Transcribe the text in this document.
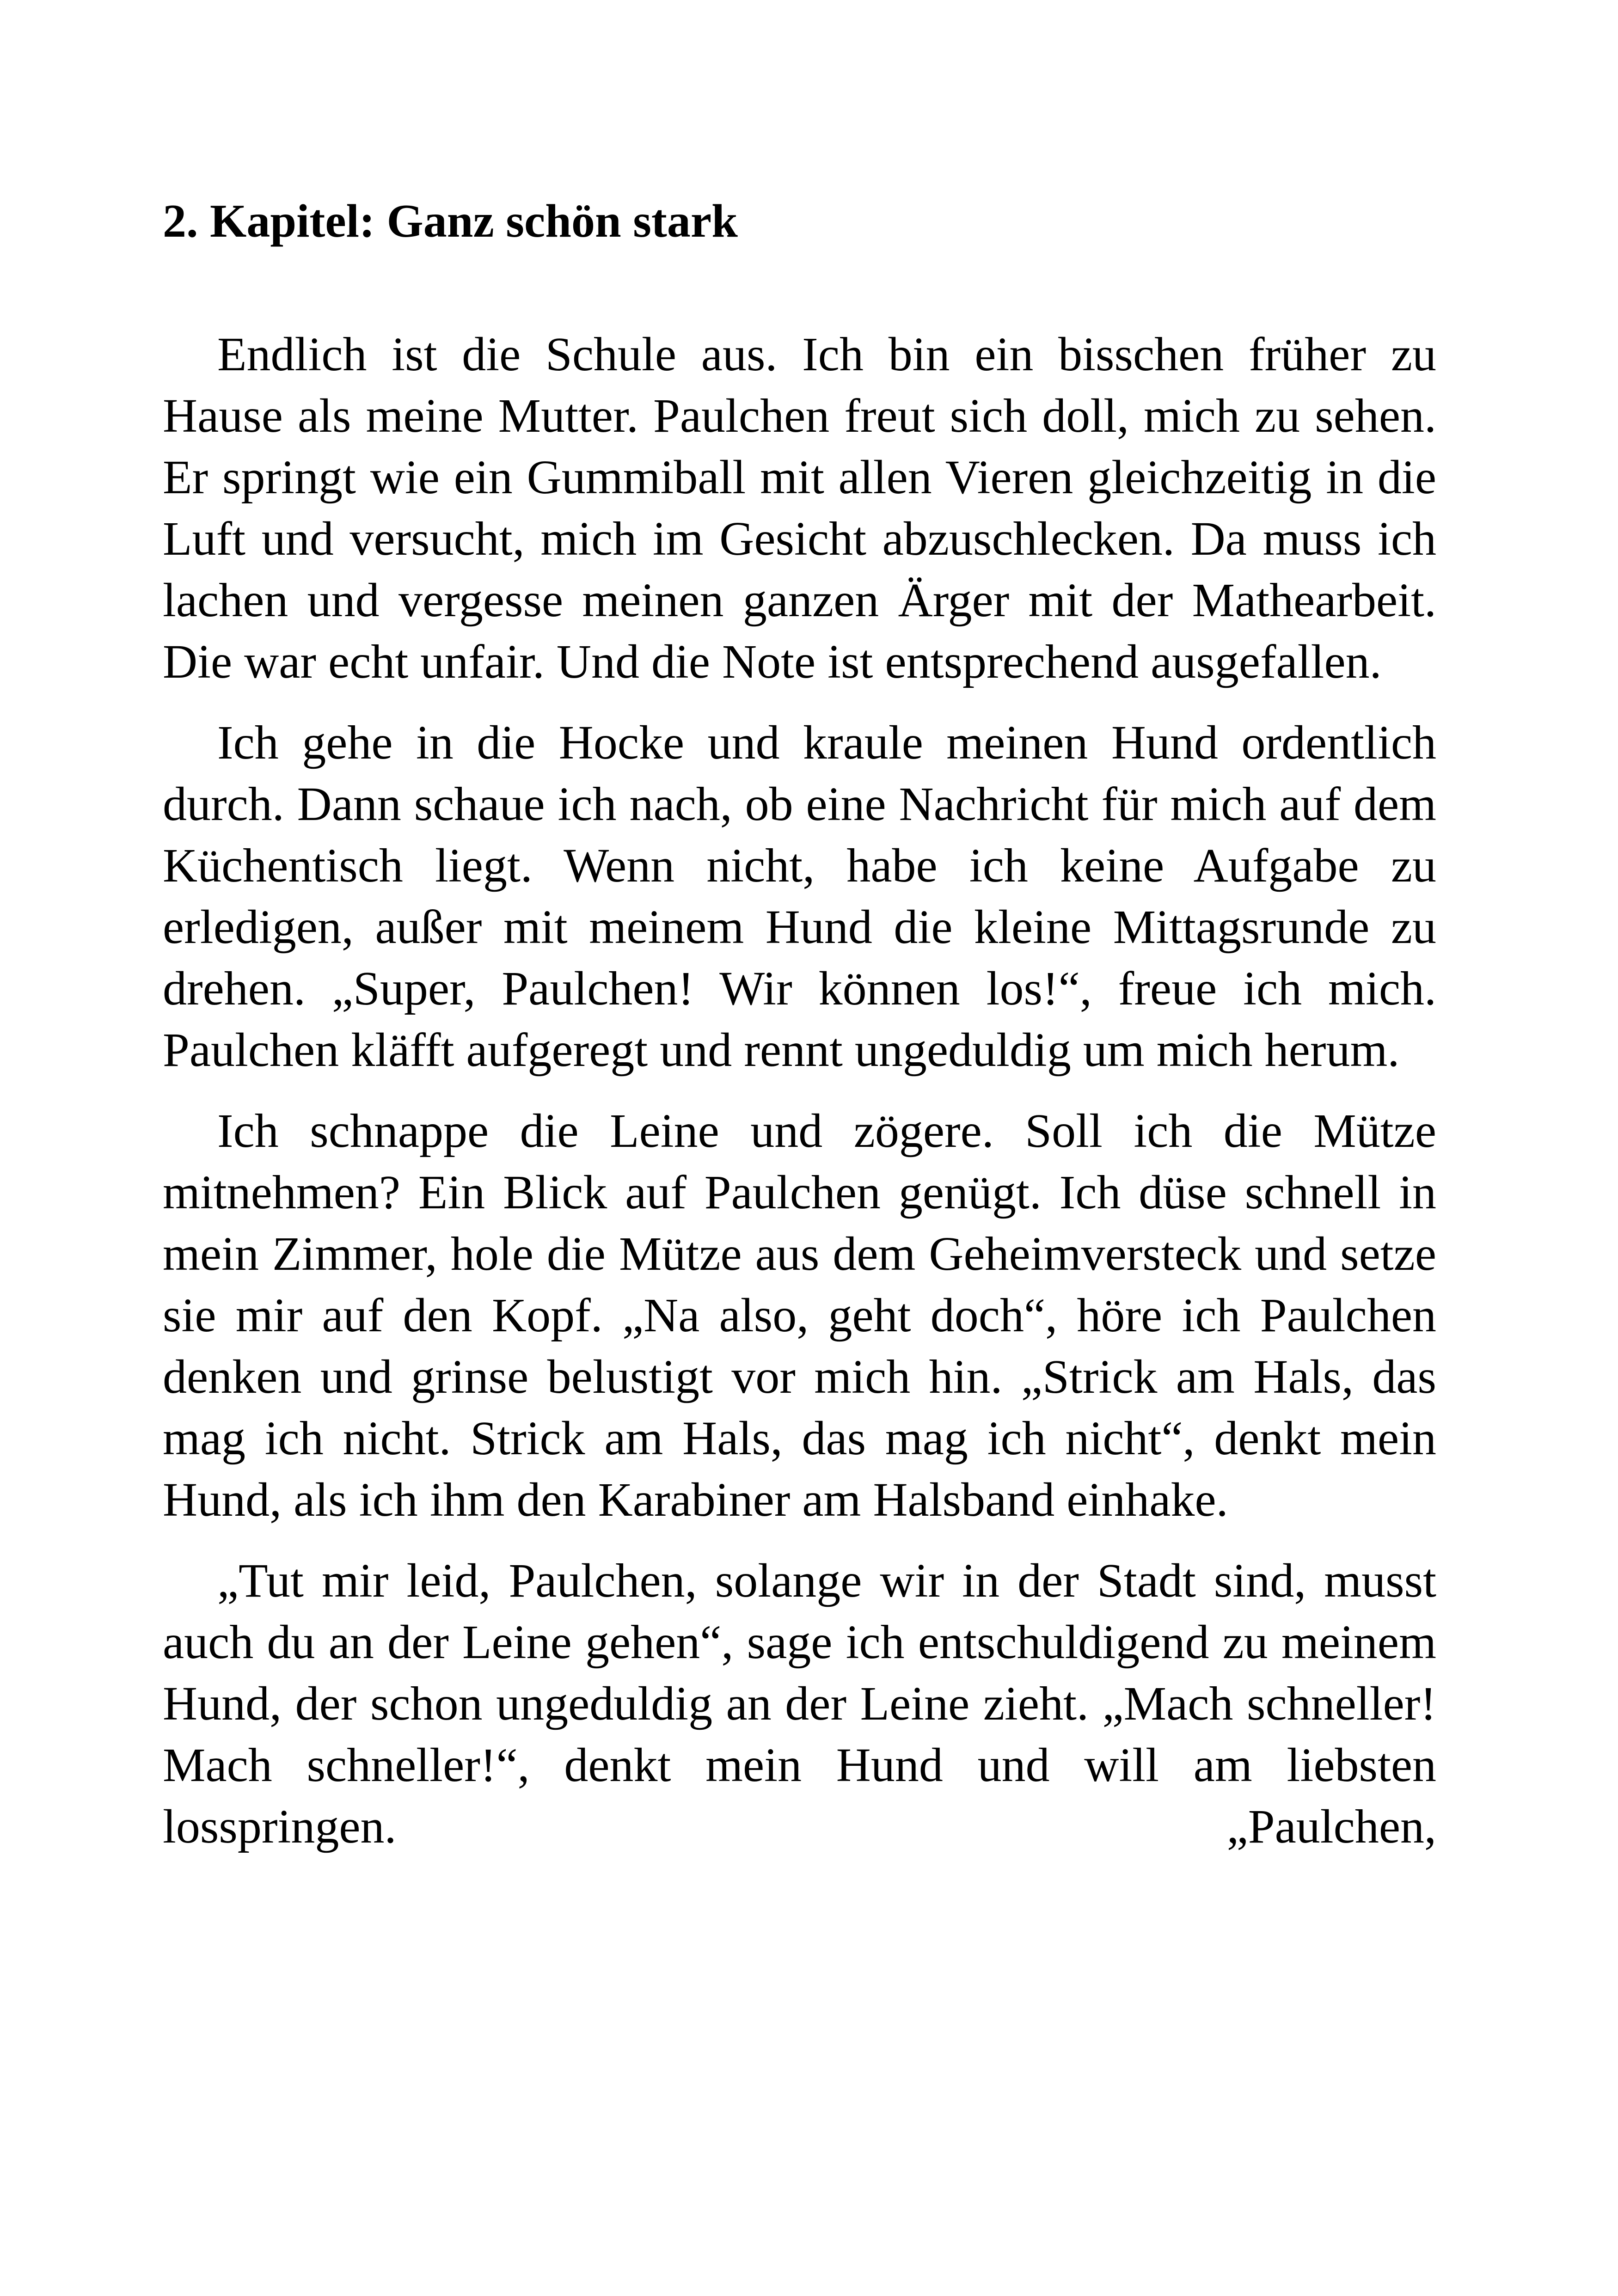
2. Kapitel: Ganz schön stark

Endlich ist die Schule aus. Ich bin ein bisschen früher zu Hause als meine Mutter. Paulchen freut sich doll, mich zu sehen. Er springt wie ein Gummiball mit allen Vieren gleichzeitig in die Luft und versucht, mich im Gesicht abzuschlecken. Da muss ich lachen und vergesse meinen ganzen Ärger mit der Mathearbeit. Die war echt unfair. Und die Note ist entsprechend ausgefallen.

Ich gehe in die Hocke und kraule meinen Hund ordentlich durch. Dann schaue ich nach, ob eine Nachricht für mich auf dem Küchentisch liegt. Wenn nicht, habe ich keine Aufgabe zu erledigen, außer mit meinem Hund die kleine Mittagsrunde zu drehen. „Super, Paulchen! Wir können los!“, freue ich mich. Paulchen kläfft aufgeregt und rennt ungeduldig um mich herum.

Ich schnappe die Leine und zögere. Soll ich die Mütze mitnehmen? Ein Blick auf Paulchen genügt. Ich düse schnell in mein Zimmer, hole die Mütze aus dem Geheimversteck und setze sie mir auf den Kopf. „Na also, geht doch“, höre ich Paulchen denken und grinse belustigt vor mich hin. „Strick am Hals, das mag ich nicht. Strick am Hals, das mag ich nicht“, denkt mein Hund, als ich ihm den Karabiner am Halsband einhake.

„Tut mir leid, Paulchen, solange wir in der Stadt sind, musst auch du an der Leine gehen“, sage ich entschuldigend zu meinem Hund, der schon ungeduldig an der Leine zieht. „Mach schneller! Mach schneller!“, denkt mein Hund und will am liebsten losspringen. „Paulchen,
